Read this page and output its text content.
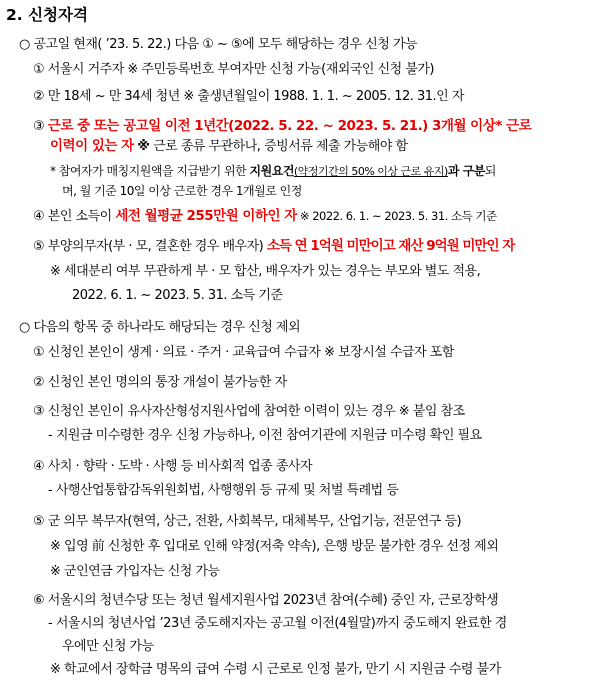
2. 신청자격
○ 공고일 현재( ’23. 5. 22.) 다음 ① ~ ⑤에 모두 해당하는 경우 신청 가능
① 서울시 거주자 ※ 주민등록번호 부여자만 신청 가능(재외국인 신청 불가)
② 만 18세 ~ 만 34세 청년 ※ 출생년월일이 1988. 1. 1. ~ 2005. 12. 31.인 자
③ 근로 중 또는 공고일 이전 1년간(2022. 5. 22. ~ 2023. 5. 21.) 3개월 이상* 근로
이력이 있는 자 ※ 근로 종류 무관하나, 증빙서류 제출 가능해야 함
* 참여자가 매칭지원액을 지급받기 위한 지원요건(약정기간의 50% 이상 근로 유지)과 구분되
며, 월 기준 10일 이상 근로한 경우 1개월로 인정
④ 본인 소득이 세전 월평균 255만원 이하인 자 ※ 2022. 6. 1. ~ 2023. 5. 31. 소득 기준
⑤ 부양의무자(부 · 모, 결혼한 경우 배우자) 소득 연 1억원 미만이고 재산 9억원 미만인 자
※ 세대분리 여부 무관하게 부 · 모 합산, 배우자가 있는 경우는 부모와 별도 적용,
2022. 6. 1. ~ 2023. 5. 31. 소득 기준
○ 다음의 항목 중 하나라도 해당되는 경우 신청 제외
① 신청인 본인이 생계 · 의료 · 주거 · 교육급여 수급자 ※ 보장시설 수급자 포함
② 신청인 본인 명의의 통장 개설이 불가능한 자
③ 신청인 본인이 유사자산형성지원사업에 참여한 이력이 있는 경우 ※ 붙임 참조
- 지원금 미수령한 경우 신청 가능하나, 이전 참여기관에 지원금 미수령 확인 필요
④ 사치 · 향락 · 도박 · 사행 등 비사회적 업종 종사자
- 사행산업통합감독위원회법, 사행행위 등 규제 및 처벌 특례법 등
⑤ 군 의무 복무자(현역, 상근, 전환, 사회복무, 대체복무, 산업기능, 전문연구 등)
※ 입영 前 신청한 후 입대로 인해 약정(저축 약속), 은행 방문 불가한 경우 선정 제외
※ 군인연금 가입자는 신청 가능
⑥ 서울시의 청년수당 또는 청년 월세지원사업 2023년 참여(수혜) 중인 자, 근로장학생
- 서울시의 청년사업 ’23년 중도해지자는 공고월 이전(4월말)까지 중도해지 완료한 경
우에만 신청 가능
※ 학교에서 장학금 명목의 급여 수령 시 근로로 인정 불가, 만기 시 지원금 수령 불가
